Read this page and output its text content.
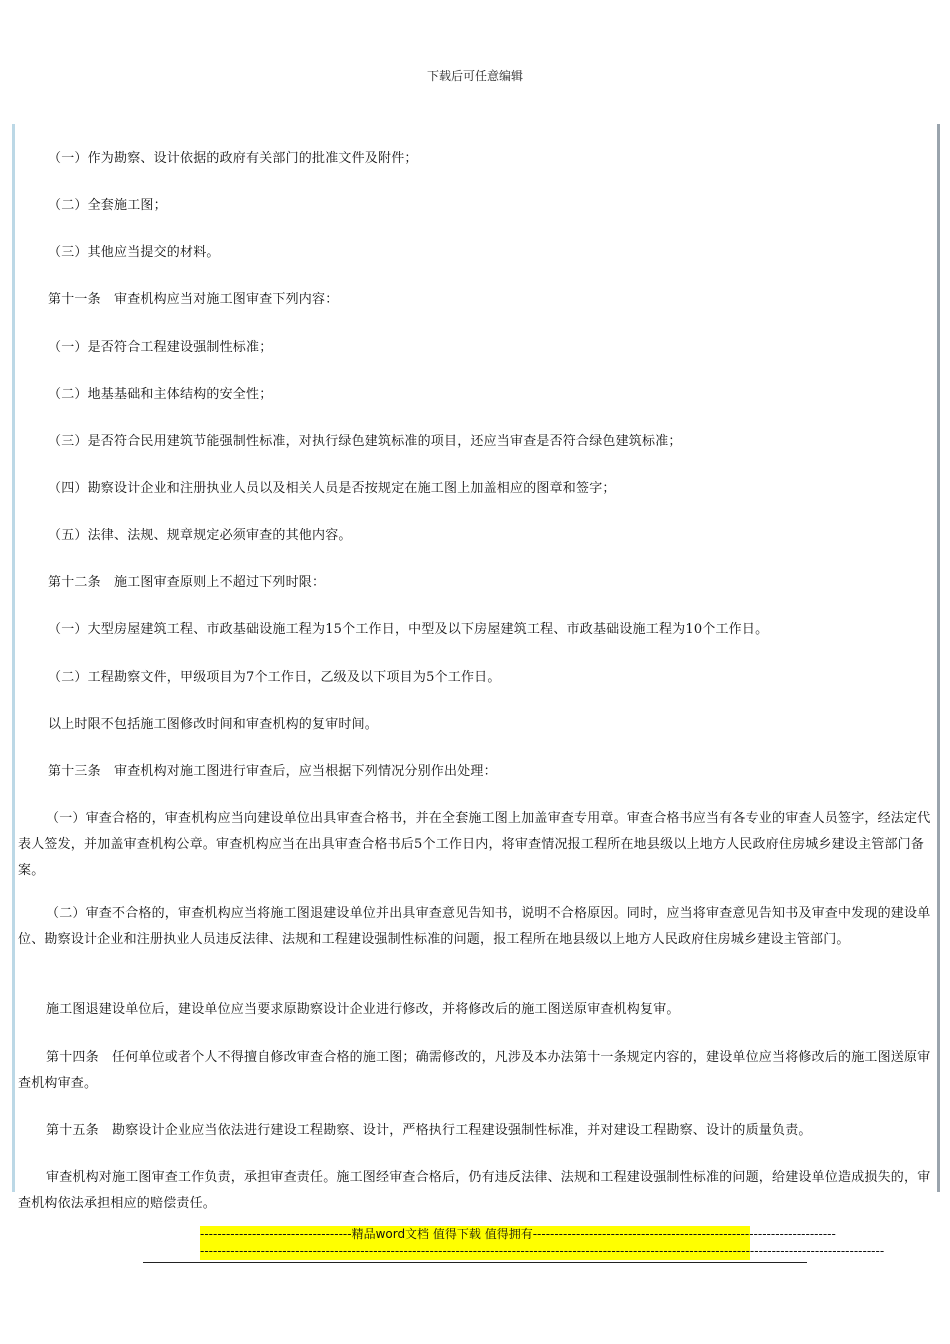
下载后可任意编辑

（一）作为勘察、设计依据的政府有关部门的批准文件及附件；

（二）全套施工图；

（三）其他应当提交的材料。

第十一条　审查机构应当对施工图审查下列内容：

（一）是否符合工程建设强制性标准；

（二）地基基础和主体结构的安全性；

（三）是否符合民用建筑节能强制性标准，对执行绿色建筑标准的项目，还应当审查是否符合绿色建筑标准；

（四）勘察设计企业和注册执业人员以及相关人员是否按规定在施工图上加盖相应的图章和签字；

（五）法律、法规、规章规定必须审查的其他内容。

第十二条　施工图审查原则上不超过下列时限：

（一）大型房屋建筑工程、市政基础设施工程为15个工作日，中型及以下房屋建筑工程、市政基础设施工程为10个工作日。

（二）工程勘察文件，甲级项目为7个工作日，乙级及以下项目为5个工作日。

以上时限不包括施工图修改时间和审查机构的复审时间。

第十三条　审查机构对施工图进行审查后，应当根据下列情况分别作出处理：

（一）审查合格的，审查机构应当向建设单位出具审查合格书，并在全套施工图上加盖审查专用章。审查合格书应当有各专业的审查人员签字，经法定代表人签发，并加盖审查机构公章。审查机构应当在出具审查合格书后5个工作日内，将审查情况报工程所在地县级以上地方人民政府住房城乡建设主管部门备案。

（二）审查不合格的，审查机构应当将施工图退建设单位并出具审查意见告知书，说明不合格原因。同时，应当将审查意见告知书及审查中发现的建设单位、勘察设计企业和注册执业人员违反法律、法规和工程建设强制性标准的问题，报工程所在地县级以上地方人民政府住房城乡建设主管部门。

施工图退建设单位后，建设单位应当要求原勘察设计企业进行修改，并将修改后的施工图送原审查机构复审。

第十四条　任何单位或者个人不得擅自修改审查合格的施工图；确需修改的，凡涉及本办法第十一条规定内容的，建设单位应当将修改后的施工图送原审查机构审查。

第十五条　勘察设计企业应当依法进行建设工程勘察、设计，严格执行工程建设强制性标准，并对建设工程勘察、设计的质量负责。

审查机构对施工图审查工作负责，承担审查责任。施工图经审查合格后，仍有违反法律、法规和工程建设强制性标准的问题，给建设单位造成损失的，审查机构依法承担相应的赔偿责任。

----------------------------------- 精品word文档 值得下载 值得拥有 ----------------------------------------------------------------------
--------------------------------------------------------------------------------------------------------------------------------------------------------------
